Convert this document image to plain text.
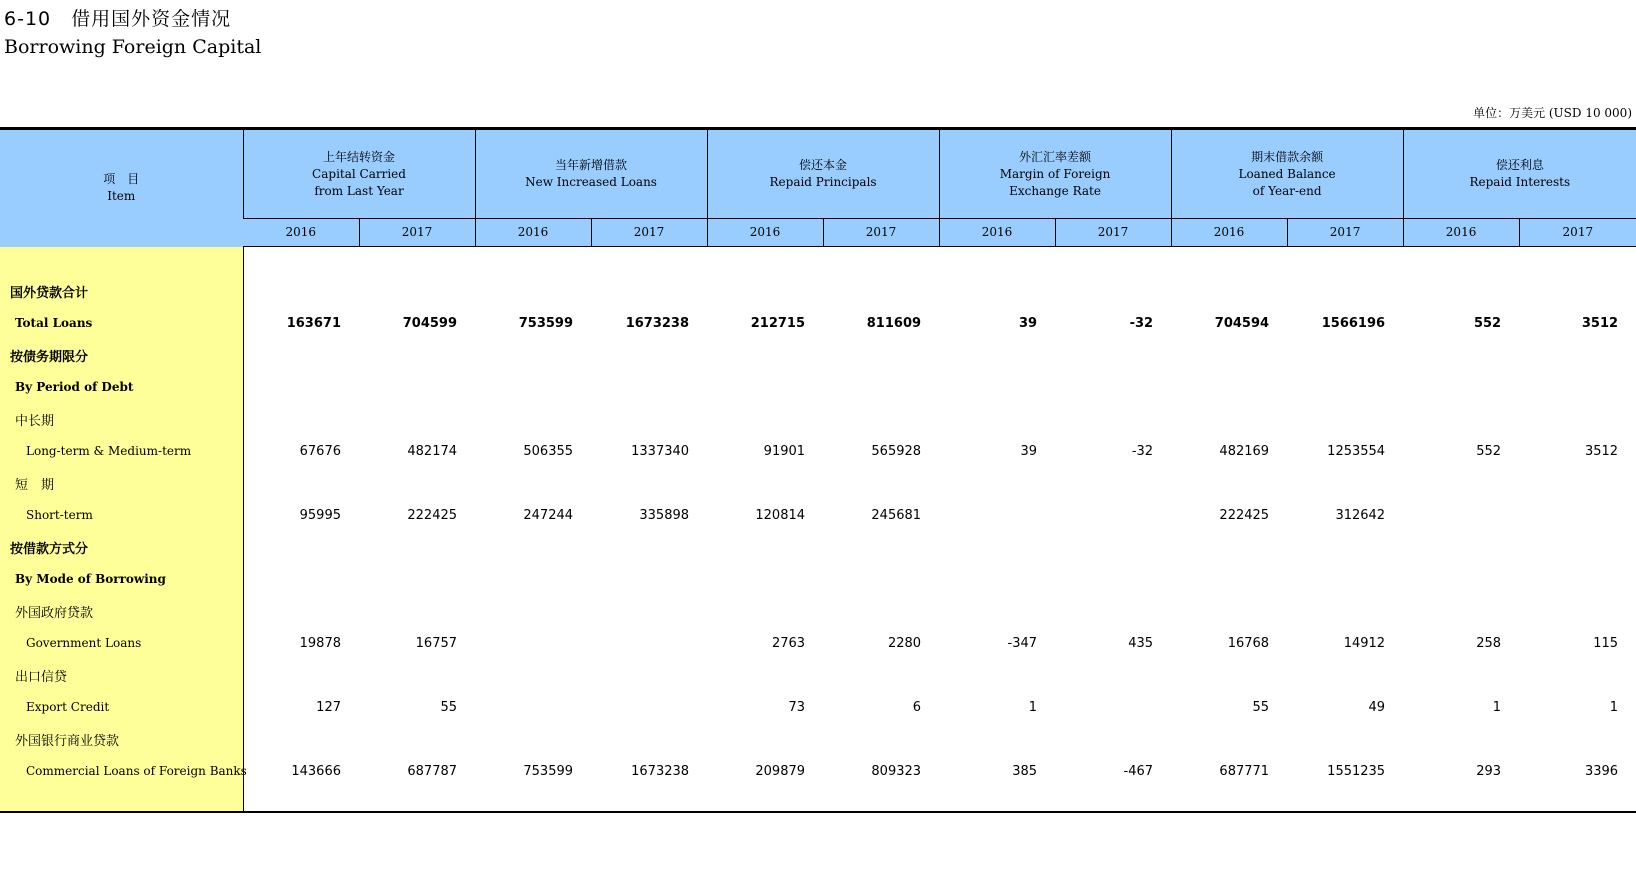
6-10　借用国外资金情况
Borrowing Foreign Capital
单位：万美元 (USD 10 000)
项　目
Item	上年结转资金
Capital Carried
from Last Year		当年新增借款
New Increased Loans		偿还本金
Repaid Principals		外汇汇率差额
Margin of Foreign
Exchange Rate		期末借款余额
Loaned Balance
of Year-end		偿还利息
Repaid Interests	

	2016	2017	2016	2017	2016	2017	2016	2017	2016	2017	2016	2017

国外贷款合计												
Total Loans	163671	704599	753599	1673238	212715	811609	39	-32	704594	1566196	552	3512
按债务期限分												
By Period of Debt												
中长期												
Long-term & Medium-term	67676	482174	506355	1337340	91901	565928	39	-32	482169	1253554	552	3512
短　期												
Short-term	95995	222425	247244	335898	120814	245681			222425	312642		
按借款方式分												
By Mode of Borrowing												
外国政府贷款												
Government Loans	19878	16757			2763	2280	-347	435	16768	14912	258	115
出口信贷												
Export Credit	127	55			73	6	1		55	49	1	1
外国银行商业贷款												
Commercial Loans of Foreign Banks	143666	687787	753599	1673238	209879	809323	385	-467	687771	1551235	293	3396
